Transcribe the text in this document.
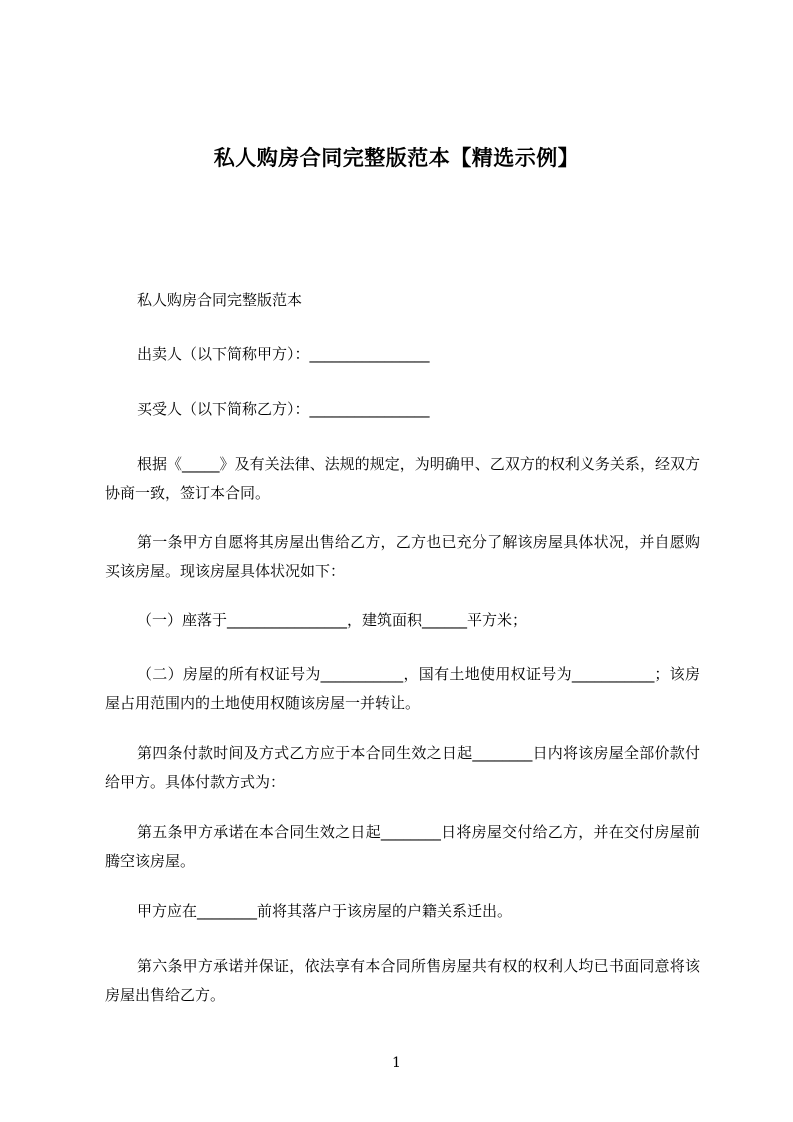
私人购房合同完整版范本【精选示例】

私人购房合同完整版范本

出卖人（以下简称甲方）：________________

买受人（以下简称乙方）：________________

根据《_____》及有关法律、法规的规定，为明确甲、乙双方的权利义务关系，经双方协商一致，签订本合同。

第一条甲方自愿将其房屋出售给乙方，乙方也已充分了解该房屋具体状况，并自愿购买该房屋。现该房屋具体状况如下：

（一）座落于________________，建筑面积______平方米；

（二）房屋的所有权证号为___________，国有土地使用权证号为___________；该房屋占用范围内的土地使用权随该房屋一并转让。

第四条付款时间及方式乙方应于本合同生效之日起________日内将该房屋全部价款付给甲方。具体付款方式为：

第五条甲方承诺在本合同生效之日起________日将房屋交付给乙方，并在交付房屋前腾空该房屋。

甲方应在________前将其落户于该房屋的户籍关系迁出。

第六条甲方承诺并保证，依法享有本合同所售房屋共有权的权利人均已书面同意将该房屋出售给乙方。

1
